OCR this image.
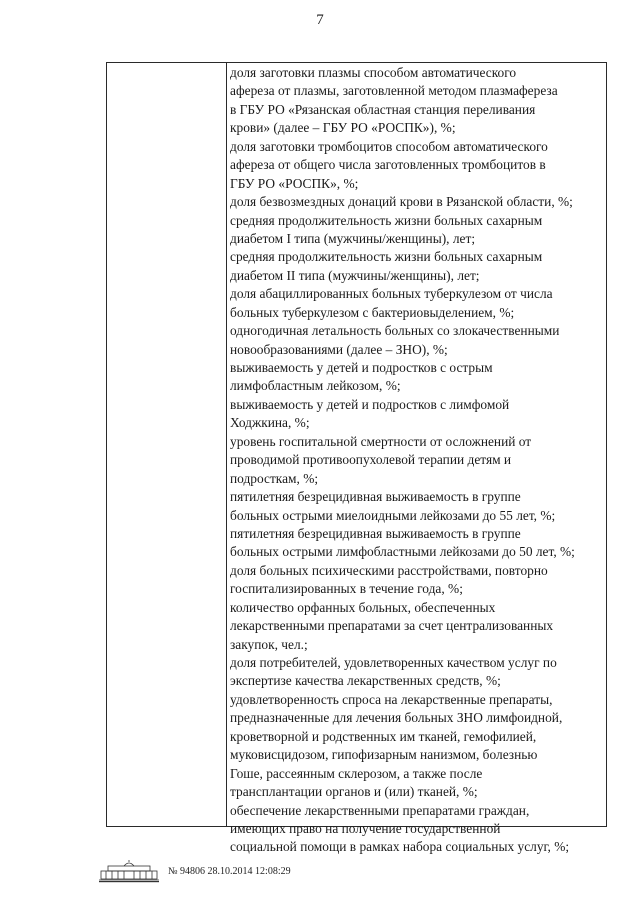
7
доля заготовки плазмы способом автоматического
афереза от плазмы, заготовленной методом плазмафереза
в ГБУ РО «Рязанская областная станция переливания
крови» (далее – ГБУ РО «РОСПК»), %;
доля заготовки тромбоцитов способом автоматического
афереза от общего числа заготовленных тромбоцитов в
ГБУ РО «РОСПК», %;
доля безвозмездных донаций крови в Рязанской области, %;
средняя продолжительность жизни больных сахарным
диабетом I типа (мужчины/женщины), лет;
средняя продолжительность жизни больных сахарным
диабетом II типа (мужчины/женщины), лет;
доля абациллированных больных туберкулезом от числа
больных туберкулезом с бактериовыделением, %;
одногодичная летальность больных со злокачественными
новообразованиями (далее – ЗНО), %;
выживаемость у детей и подростков с острым
лимфобластным лейкозом, %;
выживаемость у детей и подростков с лимфомой
Ходжкина, %;
уровень госпитальной смертности от осложнений от
проводимой противоопухолевой терапии детям и
подросткам, %;
пятилетняя безрецидивная выживаемость в группе
больных острыми миелоидными лейкозами до 55 лет, %;
пятилетняя безрецидивная выживаемость в группе
больных острыми лимфобластными лейкозами до 50 лет, %;
доля больных психическими расстройствами, повторно
госпитализированных в течение года, %;
количество орфанных больных, обеспеченных
лекарственными препаратами за счет централизованных
закупок, чел.;
доля потребителей, удовлетворенных качеством услуг по
экспертизе качества лекарственных средств, %;
удовлетворенность спроса на лекарственные препараты,
предназначенные для лечения больных ЗНО лимфоидной,
кроветворной и родственных им тканей, гемофилией,
муковисцидозом, гипофизарным нанизмом, болезнью
Гоше, рассеянным склерозом, а также после
трансплантации органов и (или) тканей, %;
обеспечение лекарственными препаратами граждан,
имеющих право на получение государственной
социальной помощи в рамках набора социальных услуг, %;
№ 94806 28.10.2014 12:08:29
